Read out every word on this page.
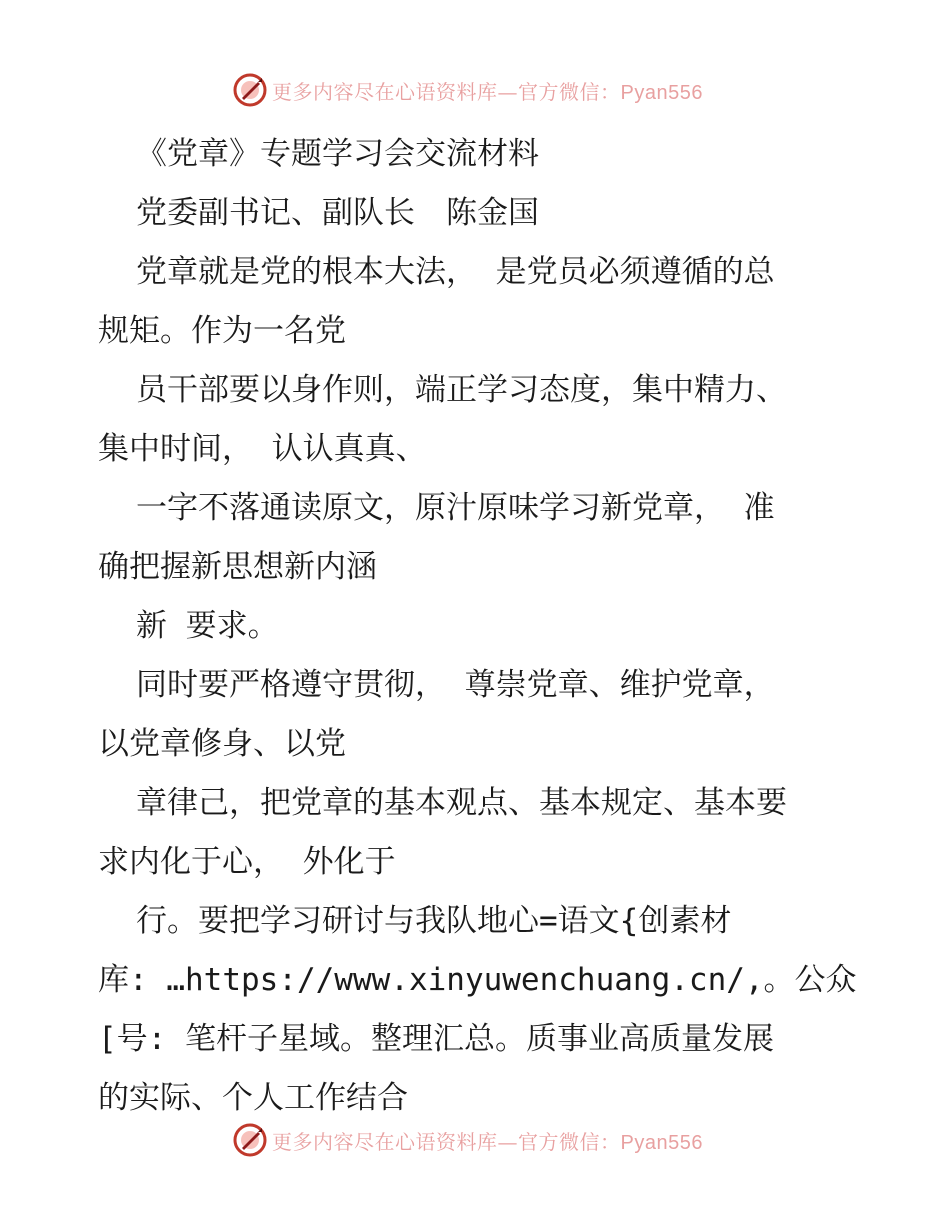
更多内容尽在心语资料库—官方微信：Pyan556
《党章》专题学习会交流材料
党委副书记、副队长　陈金国
党章就是党的根本大法， 是党员必须遵循的总
规矩。作为一名党
员干部要以身作则，端正学习态度，集中精力、
集中时间， 认认真真、
一字不落通读原文，原汁原味学习新党章， 准
确把握新思想新内涵
新 要求。
同时要严格遵守贯彻， 尊崇党章、维护党章，
以党章修身、以党
章律己，把党章的基本观点、基本规定、基本要
求内化于心， 外化于
行。要把学习研讨与我队地心=语文{创素材
库: …https://www.xinyuwenchuang.cn/,。公众
[号: 笔杆子星域。整理汇总。质事业高质量发展
的实际、个人工作结合
更多内容尽在心语资料库—官方微信：Pyan556
